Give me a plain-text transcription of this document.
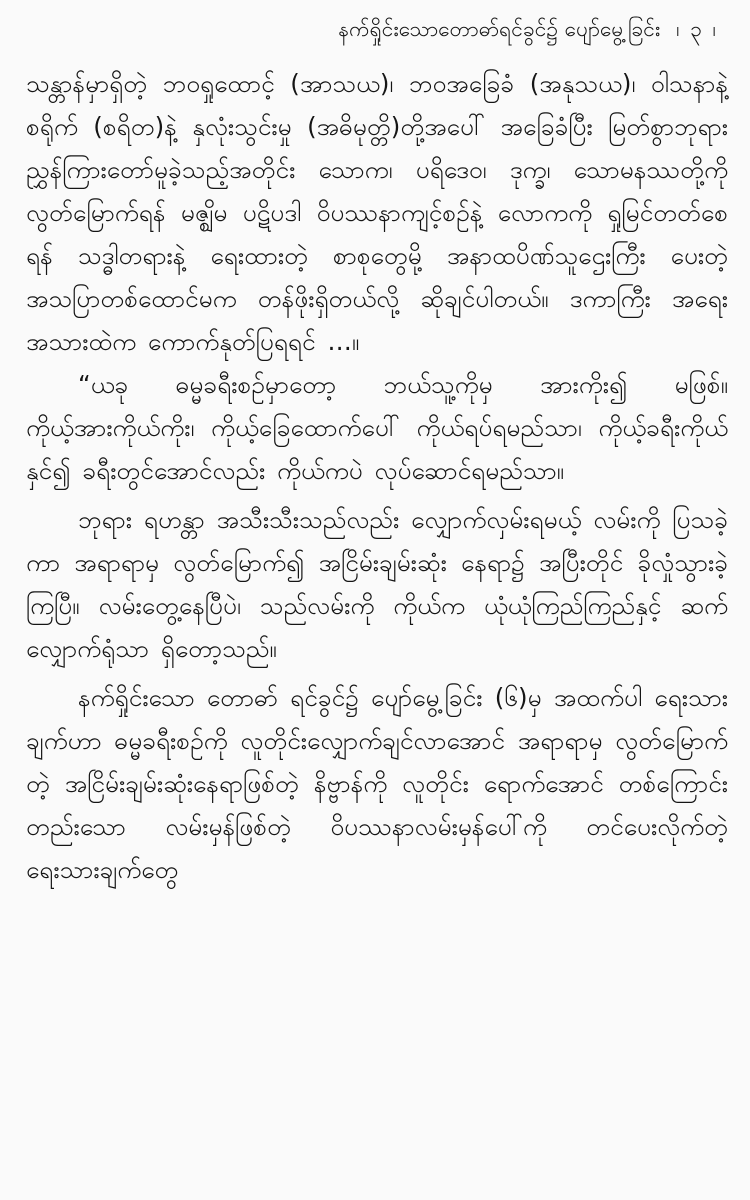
နက်ရှိုင်းသောတောဓာ်ရင်ခွင်၌ ပျော်မွေ့ခြင်း ၊ ၃ ၊

သန္တာန်မှာရှိတဲ့ ဘဝရှုထောင့် (အာသယ)၊ ဘဝအခြေခံ (အနုသယ)၊ ဝါသနာနဲ့စရိုက် (စရိတ)နဲ့ နှလုံးသွင်းမှု (အဓိမုတ္တိ)တို့အပေါ် အခြေခံပြီး မြတ်စွာဘုရား ညွှန်ကြားတော်မူခဲ့သည့်အတိုင်း သောက၊ ပရိဒေဝ၊ ဒုက္ခ၊ သောမနဿတို့ကို လွတ်မြောက်ရန် မဇ္ဈိမ ပဋိပဒါ ဝိပဿနာကျင့်စဉ်နဲ့ လောကကို ရှုမြင်တတ်စေရန် သဒ္ဓါတရားနဲ့ ရေးထားတဲ့ စာစုတွေမို့ အနာထပိဏ်သူဌေးကြီး ပေးတဲ့ အသပြာတစ်ထောင်မက တန်ဖိုးရှိတယ်လို့ ဆိုချင်ပါတယ်။ ဒကာကြီး အရေးအသားထဲက ကောက်နုတ်ပြရရင် …။

“ယခု ဓမ္မခရီးစဉ်မှာတော့ ဘယ်သူ့ကိုမှ အားကိုး၍ မဖြစ်။ ကိုယ့်အားကိုယ်ကိုး၊ ကိုယ့်ခြေထောက်ပေါ် ကိုယ်ရပ်ရမည်သာ၊ ကိုယ့်ခရီးကိုယ်နှင်၍ ခရီးတွင်အောင်လည်း ကိုယ်ကပဲ လုပ်ဆောင်ရမည်သာ။

ဘုရား ရဟန္တာ အသီးသီးသည်လည်း လျှောက်လှမ်းရမယ့် လမ်းကို ပြသခဲ့ကာ အရာရာမှ လွတ်မြောက်၍ အငြိမ်းချမ်းဆုံး နေရာ၌ အပြီးတိုင် ခိုလှုံသွားခဲ့ကြပြီ။ လမ်းတွေ့နေပြီပဲ၊ သည်လမ်းကို ကိုယ်က ယုံယုံကြည်ကြည်နှင့် ဆက်လျှောက်ရုံသာ ရှိတော့သည်။

နက်ရှိုင်းသော တောဓာ် ရင်ခွင်၌ ပျော်မွေ့ခြင်း (၆)မှ အထက်ပါ ရေးသားချက်ဟာ ဓမ္မခရီးစဉ်ကို လူတိုင်းလျှောက်ချင်လာအောင် အရာရာမှ လွတ်မြောက်တဲ့ အငြိမ်းချမ်းဆုံးနေရာဖြစ်တဲ့ နိဗ္ဗာန်ကို လူတိုင်း ရောက်အောင် တစ်ကြောင်းတည်းသော လမ်းမှန်ဖြစ်တဲ့ ဝိပဿနာလမ်းမှန်ပေါ်ကို တင်ပေးလိုက်တဲ့ ရေးသားချက်တွေ
